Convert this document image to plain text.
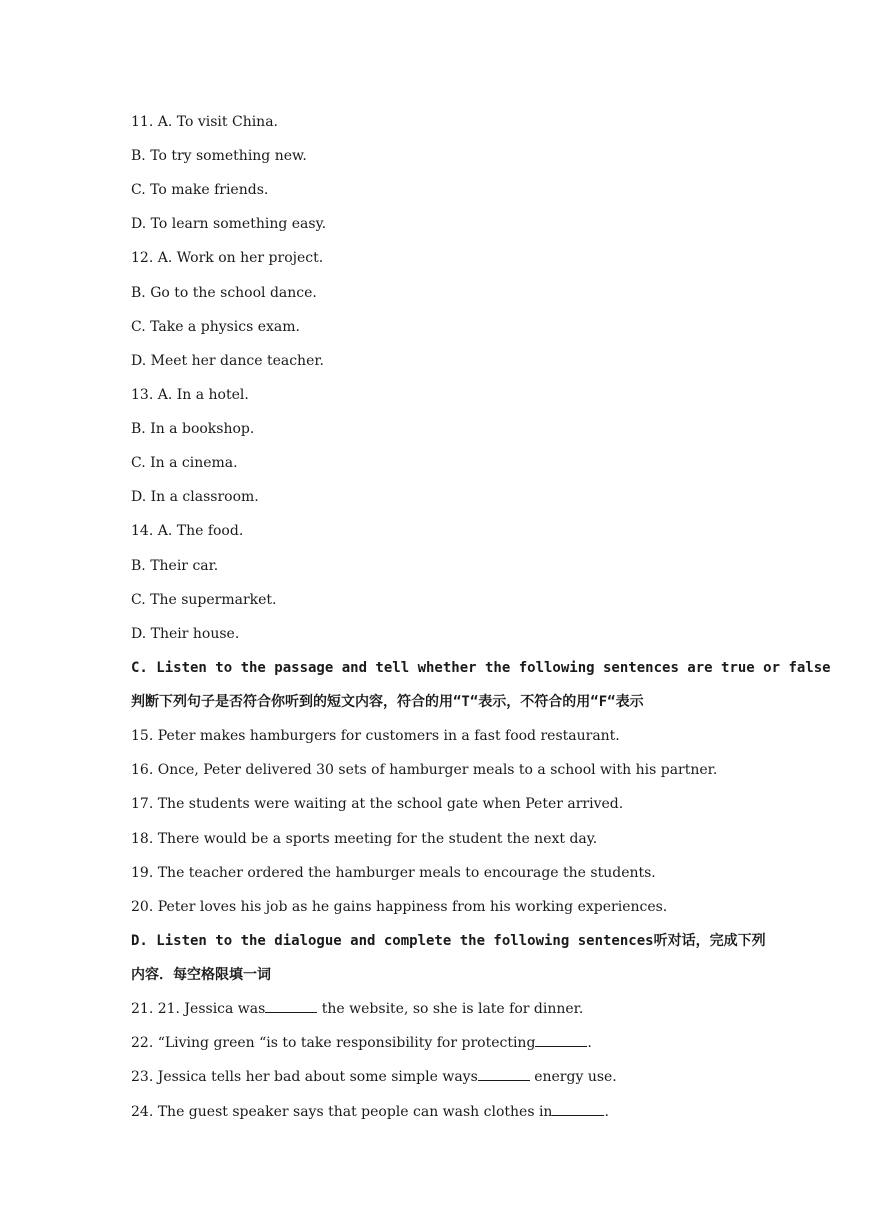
11. A. To visit China.
B. To try something new.
C. To make friends.
D. To learn something easy.
12. A. Work on her project.
B. Go to the school dance.
C. Take a physics exam.
D. Meet her dance teacher.
13. A. In a hotel.
B. In a bookshop.
C. In a cinema.
D. In a classroom.
14. A. The food.
B. Their car.
C. The supermarket.
D. Their house.
C. Listen to the passage and tell whether the following sentences are true or false
判断下列句子是否符合你听到的短文内容，符合的用“T“表示，不符合的用“F“表示
15. Peter makes hamburgers for customers in a fast food restaurant.
16. Once, Peter delivered 30 sets of hamburger meals to a school with his partner.
17. The students were waiting at the school gate when Peter arrived.
18. There would be a sports meeting for the student the next day.
19. The teacher ordered the hamburger meals to encourage the students.
20. Peter loves his job as he gains happiness from his working experiences.
D. Listen to the dialogue and complete the following sentences听对话，完成下列
内容．每空格限填一词
21. 21. Jessica was	the website, so she is late for dinner.
22. “Living green “is to take responsibility for protecting	.
23. Jessica tells her bad about some simple ways	energy use.
24. The guest speaker says that people can wash clothes in	.
